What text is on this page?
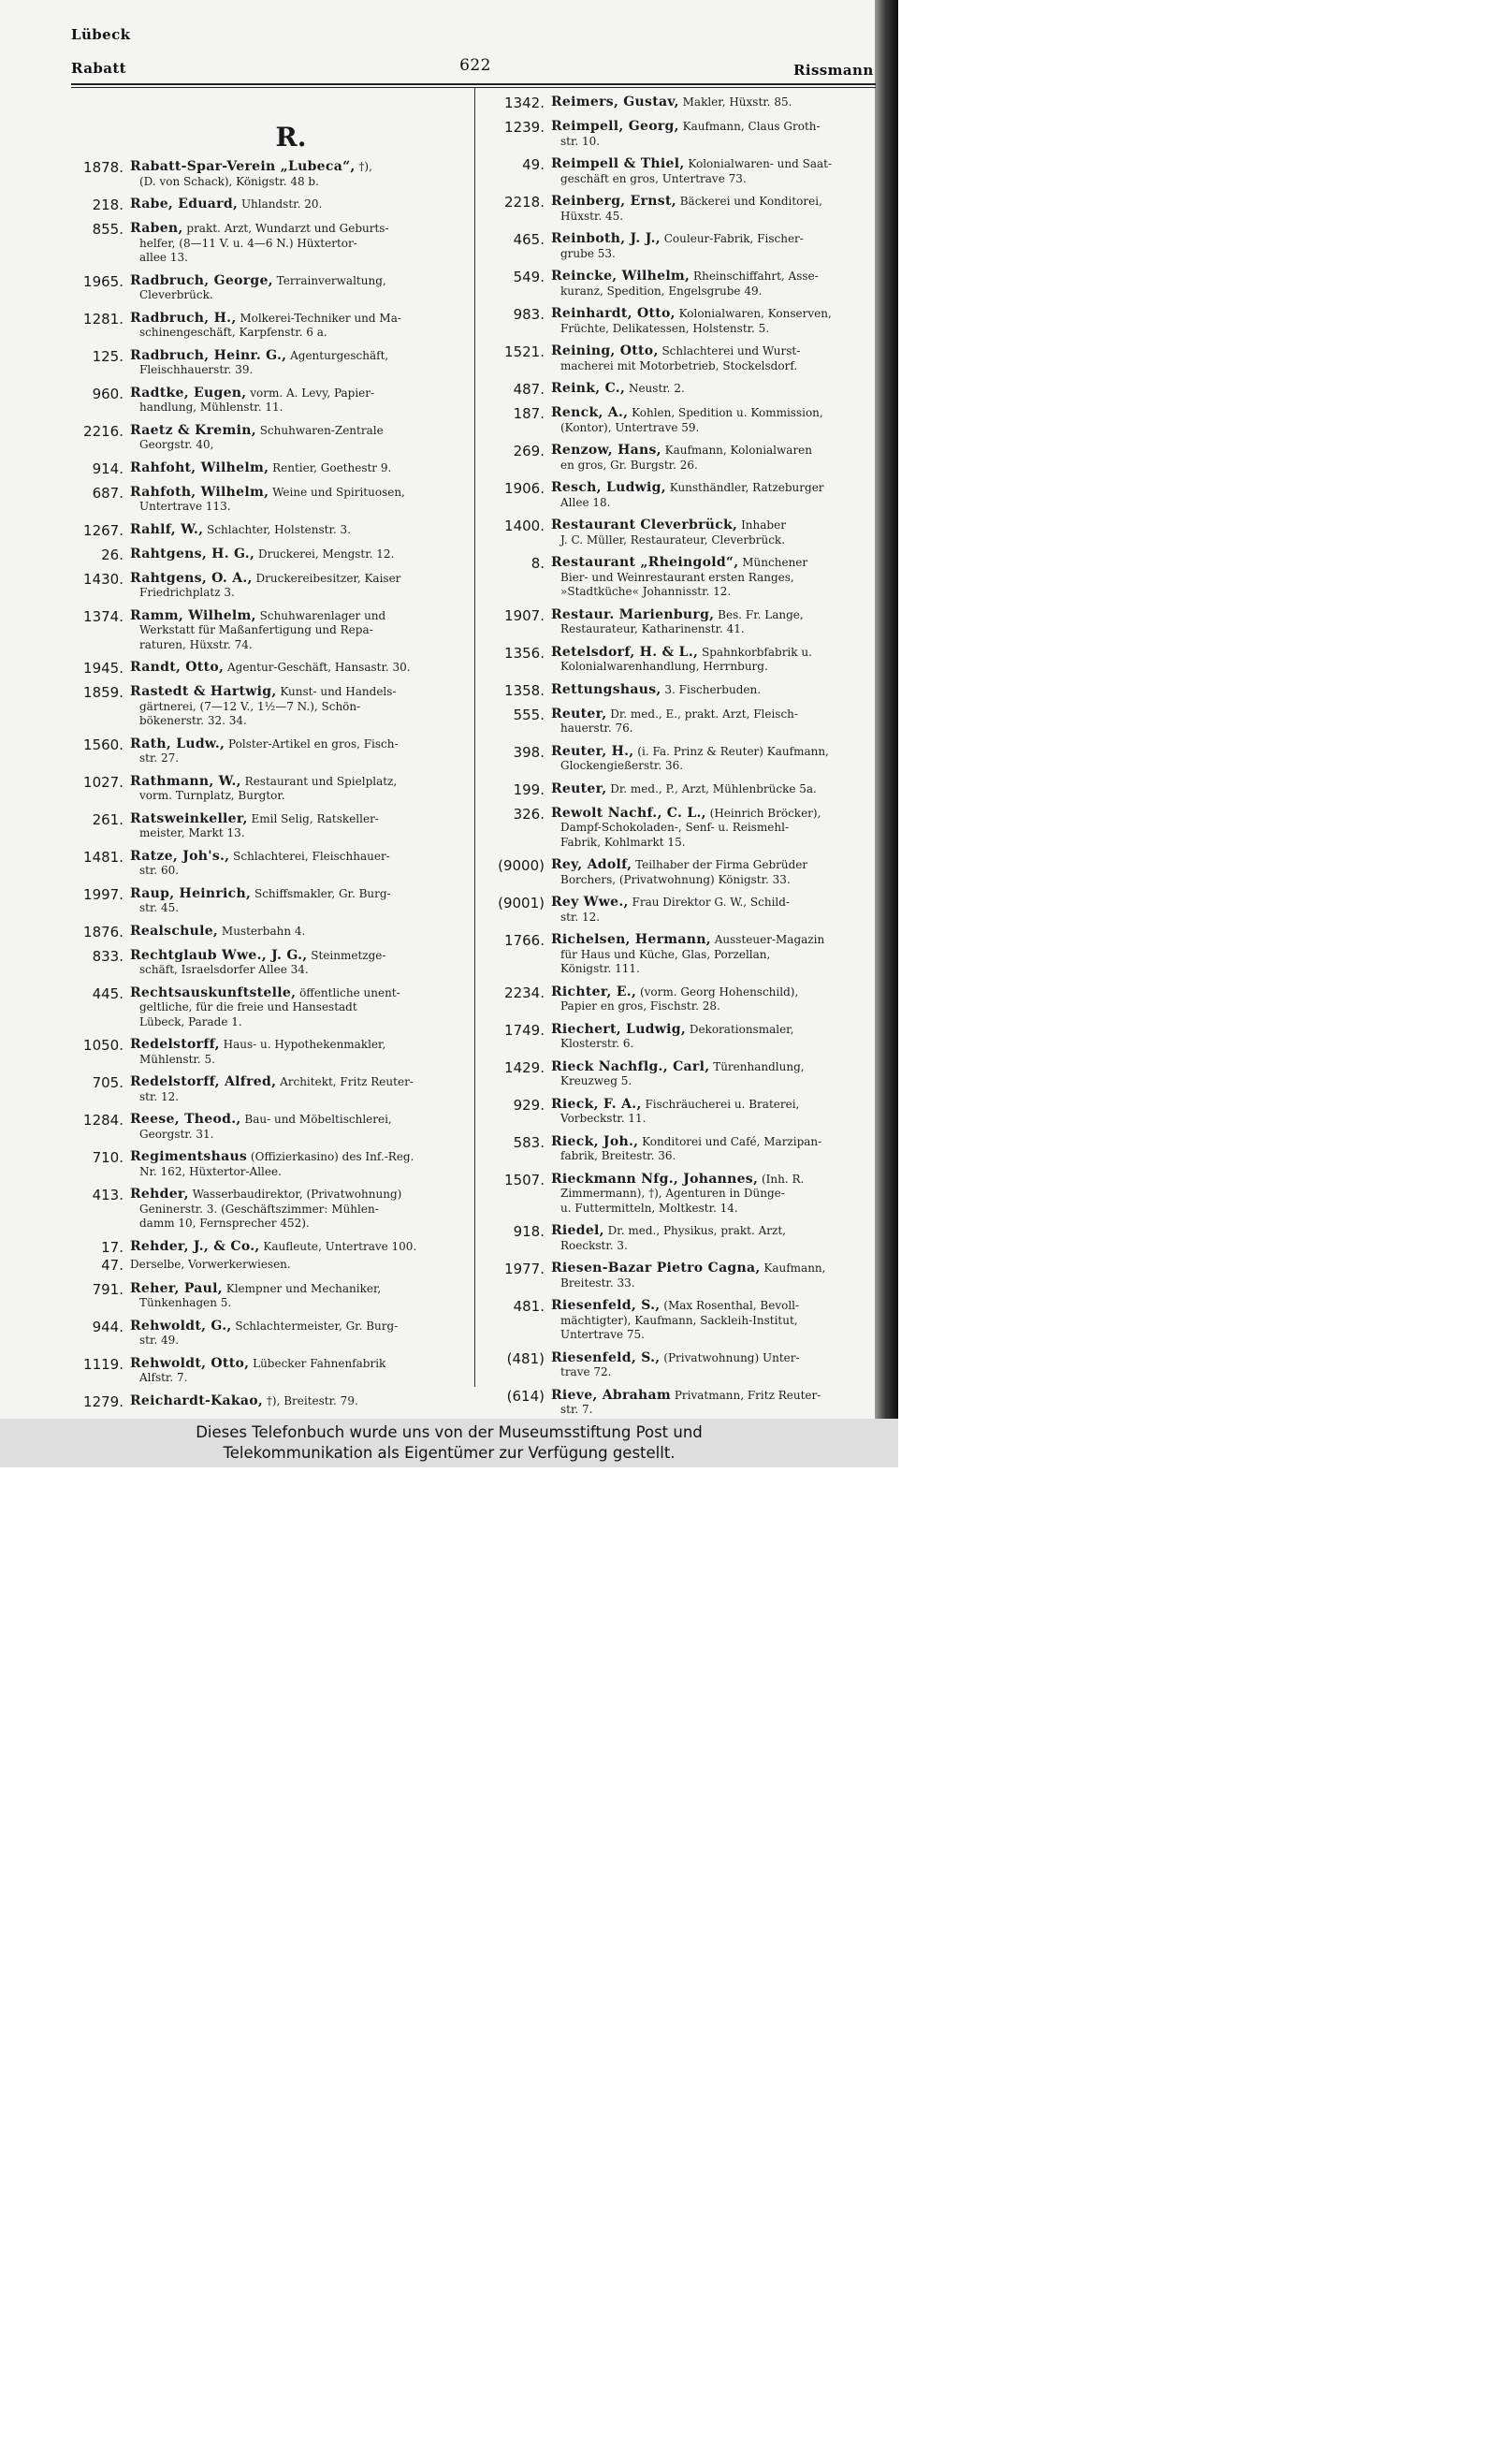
Lübeck
Rabatt	622	Rissmann
R.
1878. Rabatt-Spar-Verein „Lubeca“, †),
(D. von Schack), Königstr. 48 b.
218. Rabe, Eduard, Uhlandstr. 20.
855. Raben, prakt. Arzt, Wundarzt und Geburts-
helfer, (8—11 V. u. 4—6 N.) Hüxtertor-
allee 13.
1965. Radbruch, George, Terrainverwaltung,
Cleverbrück.
1281. Radbruch, H., Molkerei-Techniker und Ma-
schinengeschäft, Karpfenstr. 6 a.
125. Radbruch, Heinr. G., Agenturgeschäft,
Fleischhauerstr. 39.
960. Radtke, Eugen, vorm. A. Levy, Papier-
handlung, Mühlenstr. 11.
2216. Raetz & Kremin, Schuhwaren-Zentrale
Georgstr. 40,
914. Rahfoht, Wilhelm, Rentier, Goethestr 9.
687. Rahfoth, Wilhelm, Weine und Spirituosen,
Untertrave 113.
1267. Rahlf, W., Schlachter, Holstenstr. 3.
26. Rahtgens, H. G., Druckerei, Mengstr. 12.
1430. Rahtgens, O. A., Druckereibesitzer, Kaiser
Friedrichplatz 3.
1374. Ramm, Wilhelm, Schuhwarenlager und
Werkstatt für Maßanfertigung und Repa-
raturen, Hüxstr. 74.
1945. Randt, Otto, Agentur-Geschäft, Hansastr. 30.
1859. Rastedt & Hartwig, Kunst- und Handels-
gärtnerei, (7—12 V., 1½—7 N.), Schön-
bökenerstr. 32. 34.
1560. Rath, Ludw., Polster-Artikel en gros, Fisch-
str. 27.
1027. Rathmann, W., Restaurant und Spielplatz,
vorm. Turnplatz, Burgtor.
261. Ratsweinkeller, Emil Selig, Ratskeller-
meister, Markt 13.
1481. Ratze, Joh's., Schlachterei, Fleischhauer-
str. 60.
1997. Raup, Heinrich, Schiffsmakler, Gr. Burg-
str. 45.
1876. Realschule, Musterbahn 4.
833. Rechtglaub Wwe., J. G., Steinmetzge-
schäft, Israelsdorfer Allee 34.
445. Rechtsauskunftstelle, öffentliche unent-
geltliche, für die freie und Hansestadt
Lübeck, Parade 1.
1050. Redelstorff, Haus- u. Hypothekenmakler,
Mühlenstr. 5.
705. Redelstorff, Alfred, Architekt, Fritz Reuter-
str. 12.
1284. Reese, Theod., Bau- und Möbeltischlerei,
Georgstr. 31.
710. Regimentshaus (Offizierkasino) des Inf.-Reg.
Nr. 162, Hüxtertor-Allee.
413. Rehder, Wasserbaudirektor, (Privatwohnung)
Geninerstr. 3. (Geschäftszimmer: Mühlen-
damm 10, Fernsprecher 452).
17. Rehder, J., & Co., Kaufleute, Untertrave 100.
47. Derselbe, Vorwerkerwiesen.
791. Reher, Paul, Klempner und Mechaniker,
Tünkenhagen 5.
944. Rehwoldt, G., Schlachtermeister, Gr. Burg-
str. 49.
1119. Rehwoldt, Otto, Lübecker Fahnenfabrik
Alfstr. 7.
1279. Reichardt-Kakao, †), Breitestr. 79.
1342. Reimers, Gustav, Makler, Hüxstr. 85.
1239. Reimpell, Georg, Kaufmann, Claus Groth-
str. 10.
49. Reimpell & Thiel, Kolonialwaren- und Saat-
geschäft en gros, Untertrave 73.
2218. Reinberg, Ernst, Bäckerei und Konditorei,
Hüxstr. 45.
465. Reinboth, J. J., Couleur-Fabrik, Fischer-
grube 53.
549. Reincke, Wilhelm, Rheinschiffahrt, Asse-
kuranz, Spedition, Engelsgrube 49.
983. Reinhardt, Otto, Kolonialwaren, Konserven,
Früchte, Delikatessen, Holstenstr. 5.
1521. Reining, Otto, Schlachterei und Wurst-
macherei mit Motorbetrieb, Stockelsdorf.
487. Reink, C., Neustr. 2.
187. Renck, A., Kohlen, Spedition u. Kommission,
(Kontor), Untertrave 59.
269. Renzow, Hans, Kaufmann, Kolonialwaren
en gros, Gr. Burgstr. 26.
1906. Resch, Ludwig, Kunsthändler, Ratzeburger
Allee 18.
1400. Restaurant Cleverbrück, Inhaber
J. C. Müller, Restaurateur, Cleverbrück.
8. Restaurant „Rheingold“, Münchener
Bier- und Weinrestaurant ersten Ranges,
»Stadtküche« Johannisstr. 12.
1907. Restaur. Marienburg, Bes. Fr. Lange,
Restaurateur, Katharinenstr. 41.
1356. Retelsdorf, H. & L., Spahnkorbfabrik u.
Kolonialwarenhandlung, Herrnburg.
1358. Rettungshaus, 3. Fischerbuden.
555. Reuter, Dr. med., E., prakt. Arzt, Fleisch-
hauerstr. 76.
398. Reuter, H., (i. Fa. Prinz & Reuter) Kaufmann,
Glockengießerstr. 36.
199. Reuter, Dr. med., P., Arzt, Mühlenbrücke 5a.
326. Rewolt Nachf., C. L., (Heinrich Bröcker),
Dampf-Schokoladen-, Senf- u. Reismehl-
Fabrik, Kohlmarkt 15.
(9000) Rey, Adolf, Teilhaber der Firma Gebrüder
Borchers, (Privatwohnung) Königstr. 33.
(9001) Rey Wwe., Frau Direktor G. W., Schild-
str. 12.
1766. Richelsen, Hermann, Aussteuer-Magazin
für Haus und Küche, Glas, Porzellan,
Königstr. 111.
2234. Richter, E., (vorm. Georg Hohenschild),
Papier en gros, Fischstr. 28.
1749. Riechert, Ludwig, Dekorationsmaler,
Klosterstr. 6.
1429. Rieck Nachflg., Carl, Türenhandlung,
Kreuzweg 5.
929. Rieck, F. A., Fischräucherei u. Braterei,
Vorbeckstr. 11.
583. Rieck, Joh., Konditorei und Café, Marzipan-
fabrik, Breitestr. 36.
1507. Rieckmann Nfg., Johannes, (Inh. R.
Zimmermann), †), Agenturen in Dünge-
u. Futtermitteln, Moltkestr. 14.
918. Riedel, Dr. med., Physikus, prakt. Arzt,
Roeckstr. 3.
1977. Riesen-Bazar Pietro Cagna, Kaufmann,
Breitestr. 33.
481. Riesenfeld, S., (Max Rosenthal, Bevoll-
mächtigter), Kaufmann, Sackleih-Institut,
Untertrave 75.
(481) Riesenfeld, S., (Privatwohnung) Unter-
trave 72.
(614) Rieve, Abraham Privatmann, Fritz Reuter-
str. 7.
Dieses Telefonbuch wurde uns von der Museumsstiftung Post und
Telekommunikation als Eigentümer zur Verfügung gestellt.
